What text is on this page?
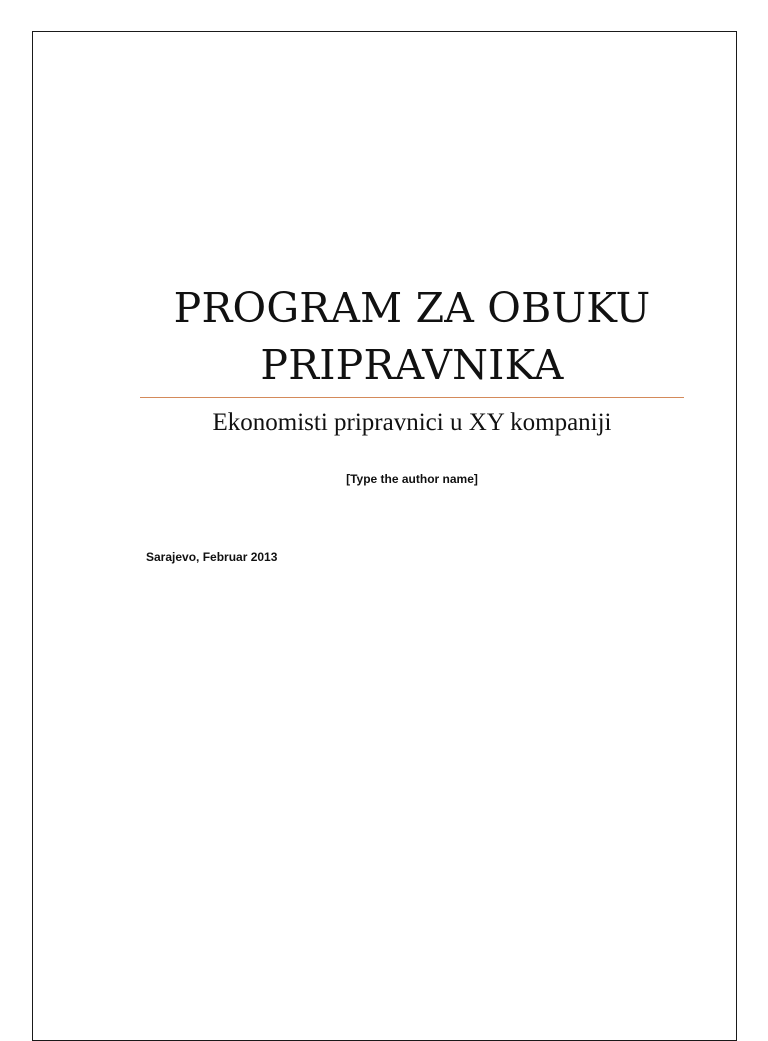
PROGRAM ZA OBUKU PRIPRAVNIKA
Ekonomisti pripravnici u XY kompaniji
[Type the author name]
Sarajevo, Februar 2013
